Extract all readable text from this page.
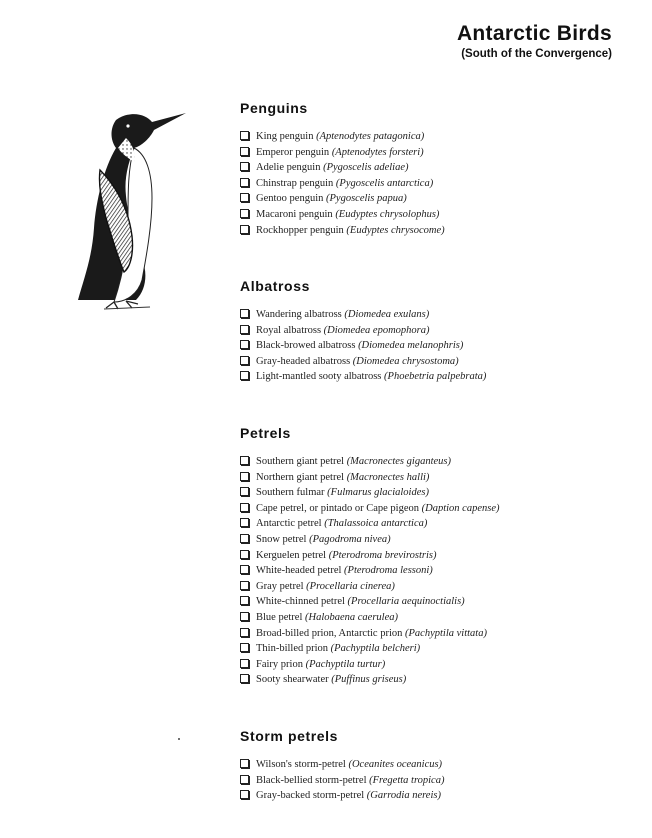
Antarctic Birds
(South of the Convergence)
Penguins
King penguin (Aptenodytes patagonica)
Emperor penguin (Aptenodytes forsteri)
Adelie penguin (Pygoscelis adeliae)
Chinstrap penguin (Pygoscelis antarctica)
Gentoo penguin (Pygoscelis papua)
Macaroni penguin (Eudyptes chrysolophus)
Rockhopper penguin (Eudyptes chrysocome)
Albatross
Wandering albatross (Diomedea exulans)
Royal albatross (Diomedea epomophora)
Black-browed albatross (Diomedea melanophris)
Gray-headed albatross (Diomedea chrysostoma)
Light-mantled sooty albatross (Phoebetria palpebrata)
Petrels
Southern giant petrel (Macronectes giganteus)
Northern giant petrel (Macronectes halli)
Southern fulmar (Fulmarus glacialoides)
Cape petrel, or pintado or Cape pigeon (Daption capense)
Antarctic petrel (Thalassoica antarctica)
Snow petrel (Pagodroma nivea)
Kerguelen petrel (Pterodroma brevirostris)
White-headed petrel (Pterodroma lessoni)
Gray petrel (Procellaria cinerea)
White-chinned petrel (Procellaria aequinoctialis)
Blue petrel (Halobaena caerulea)
Broad-billed prion, Antarctic prion (Pachyptila vittata)
Thin-billed prion (Pachyptila belcheri)
Fairy prion (Pachyptila turtur)
Sooty shearwater (Puffinus griseus)
Storm petrels
Wilson's storm-petrel (Oceanites oceanicus)
Black-bellied storm-petrel (Fregetta tropica)
Gray-backed storm-petrel (Garrodia nereis)
